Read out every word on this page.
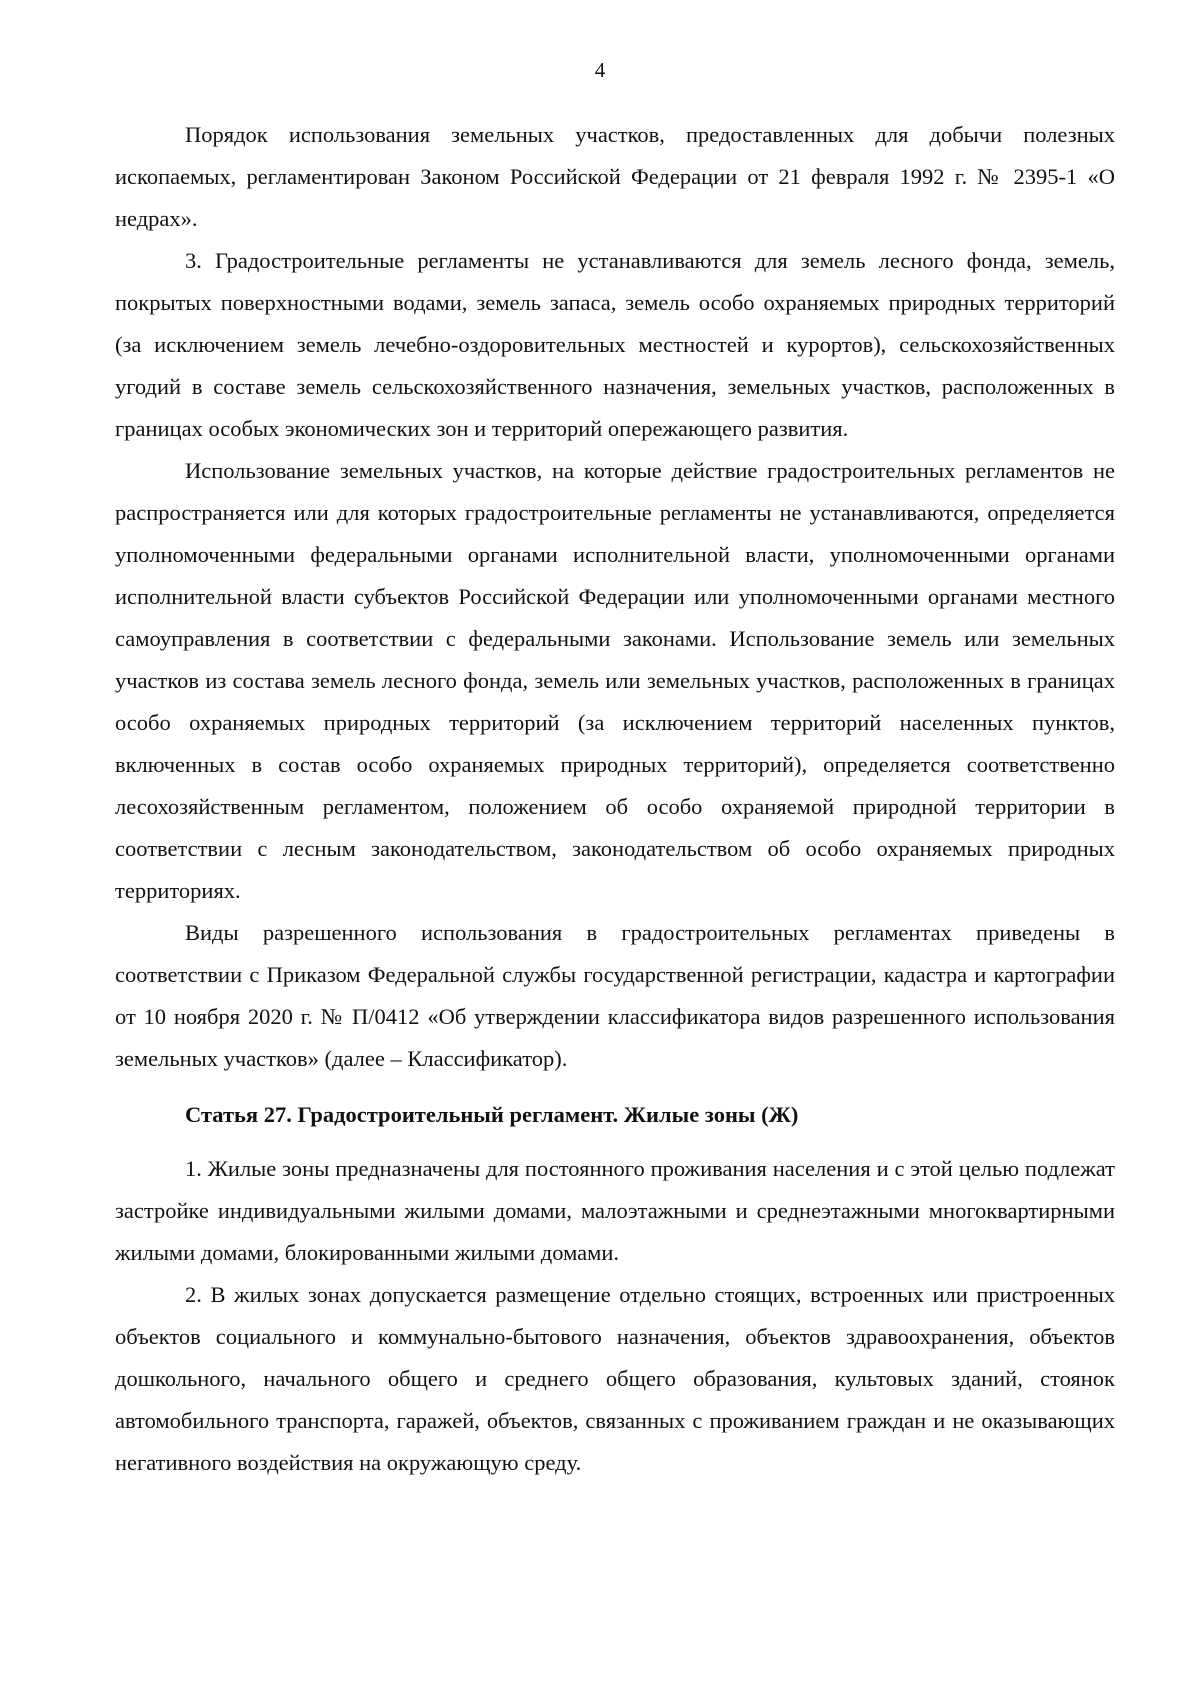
4

Порядок использования земельных участков, предоставленных для добычи полезных ископаемых, регламентирован Законом Российской Федерации от 21 февраля 1992 г. № 2395-1 «О недрах».

3. Градостроительные регламенты не устанавливаются для земель лесного фонда, земель, покрытых поверхностными водами, земель запаса, земель особо охраняемых природных территорий (за исключением земель лечебно-оздоровительных местностей и курортов), сельскохозяйственных угодий в составе земель сельскохозяйственного назначения, земельных участков, расположенных в границах особых экономических зон и территорий опережающего развития.

Использование земельных участков, на которые действие градостроительных регламентов не распространяется или для которых градостроительные регламенты не устанавливаются, определяется уполномоченными федеральными органами исполнительной власти, уполномоченными органами исполнительной власти субъектов Российской Федерации или уполномоченными органами местного самоуправления в соответствии с федеральными законами. Использование земель или земельных участков из состава земель лесного фонда, земель или земельных участков, расположенных в границах особо охраняемых природных территорий (за исключением территорий населенных пунктов, включенных в состав особо охраняемых природных территорий), определяется соответственно лесохозяйственным регламентом, положением об особо охраняемой природной территории в соответствии с лесным законодательством, законодательством об особо охраняемых природных территориях.

Виды разрешенного использования в градостроительных регламентах приведены в соответствии с Приказом Федеральной службы государственной регистрации, кадастра и картографии от 10 ноября 2020 г. № П/0412 «Об утверждении классификатора видов разрешенного использования земельных участков» (далее – Классификатор).

Статья 27. Градостроительный регламент. Жилые зоны (Ж)

1. Жилые зоны предназначены для постоянного проживания населения и с этой целью подлежат застройке индивидуальными жилыми домами, малоэтажными и среднеэтажными многоквартирными жилыми домами, блокированными жилыми домами.

2. В жилых зонах допускается размещение отдельно стоящих, встроенных или пристроенных объектов социального и коммунально-бытового назначения, объектов здравоохранения, объектов дошкольного, начального общего и среднего общего образования, культовых зданий, стоянок автомобильного транспорта, гаражей, объектов, связанных с проживанием граждан и не оказывающих негативного воздействия на окружающую среду.
